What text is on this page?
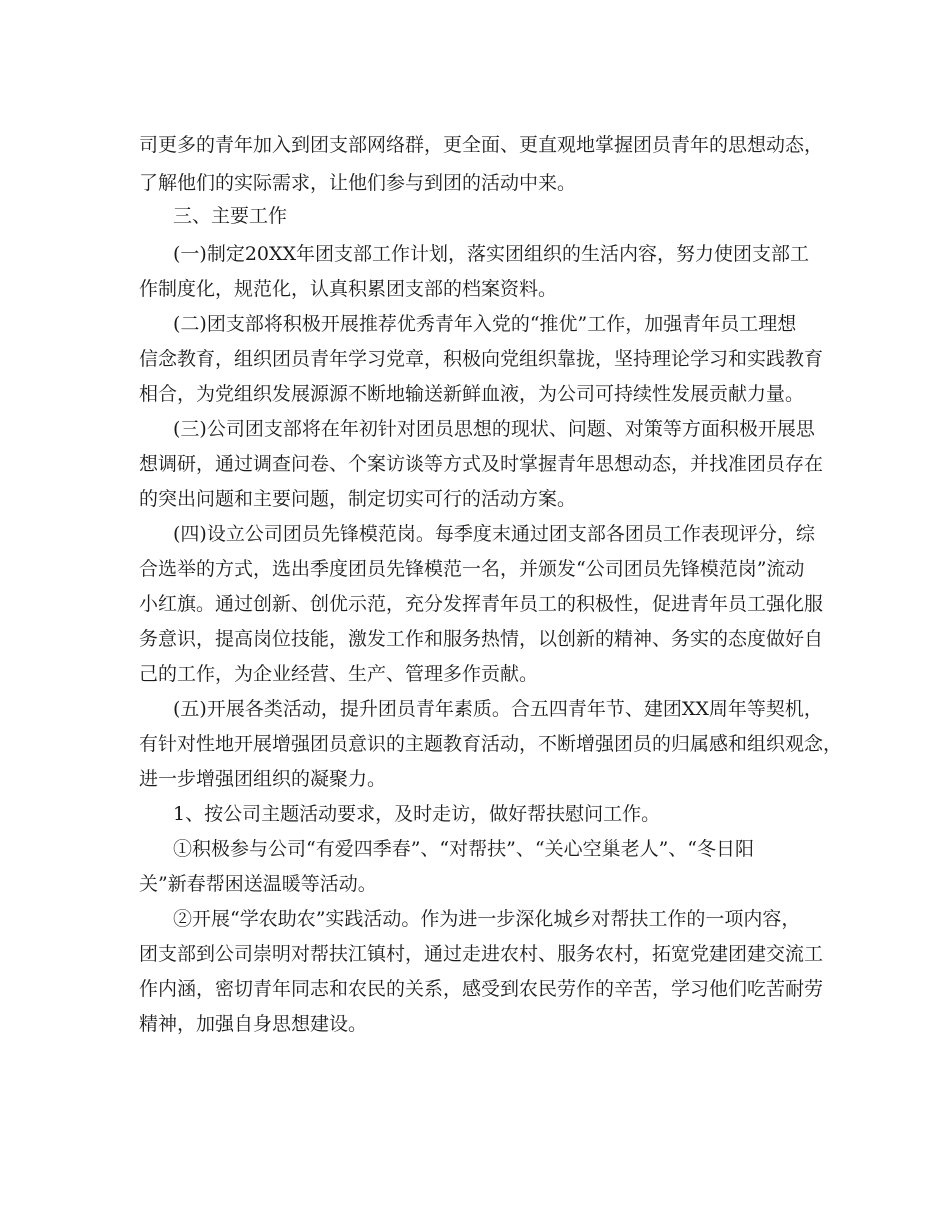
司更多的青年加入到团支部网络群，更全面、更直观地掌握团员青年的思想动态，

了解他们的实际需求，让他们参与到团的活动中来。

三、主要工作

(一)制定20XX年团支部工作计划，落实团组织的生活内容，努力使团支部工

作制度化，规范化，认真积累团支部的档案资料。

(二)团支部将积极开展推荐优秀青年入党的“推优”工作，加强青年员工理想

信念教育，组织团员青年学习党章，积极向党组织靠拢，坚持理论学习和实践教育

相合，为党组织发展源源不断地输送新鲜血液，为公司可持续性发展贡献力量。

(三)公司团支部将在年初针对团员思想的现状、问题、对策等方面积极开展思

想调研，通过调查问卷、个案访谈等方式及时掌握青年思想动态，并找准团员存在

的突出问题和主要问题，制定切实可行的活动方案。

(四)设立公司团员先锋模范岗。每季度末通过团支部各团员工作表现评分，综

合选举的方式，选出季度团员先锋模范一名，并颁发“公司团员先锋模范岗”流动

小红旗。通过创新、创优示范，充分发挥青年员工的积极性，促进青年员工强化服

务意识，提高岗位技能，激发工作和服务热情，以创新的精神、务实的态度做好自

己的工作，为企业经营、生产、管理多作贡献。

(五)开展各类活动，提升团员青年素质。合五四青年节、建团XX周年等契机，

有针对性地开展增强团员意识的主题教育活动，不断增强团员的归属感和组织观念，

进一步增强团组织的凝聚力。

1、按公司主题活动要求，及时走访，做好帮扶慰问工作。

①积极参与公司“有爱四季春”、“对帮扶”、“关心空巢老人”、“冬日阳

关”新春帮困送温暖等活动。

②开展“学农助农”实践活动。作为进一步深化城乡对帮扶工作的一项内容，

团支部到公司崇明对帮扶江镇村，通过走进农村、服务农村，拓宽党建团建交流工

作内涵，密切青年同志和农民的关系，感受到农民劳作的辛苦，学习他们吃苦耐劳

精神，加强自身思想建设。
